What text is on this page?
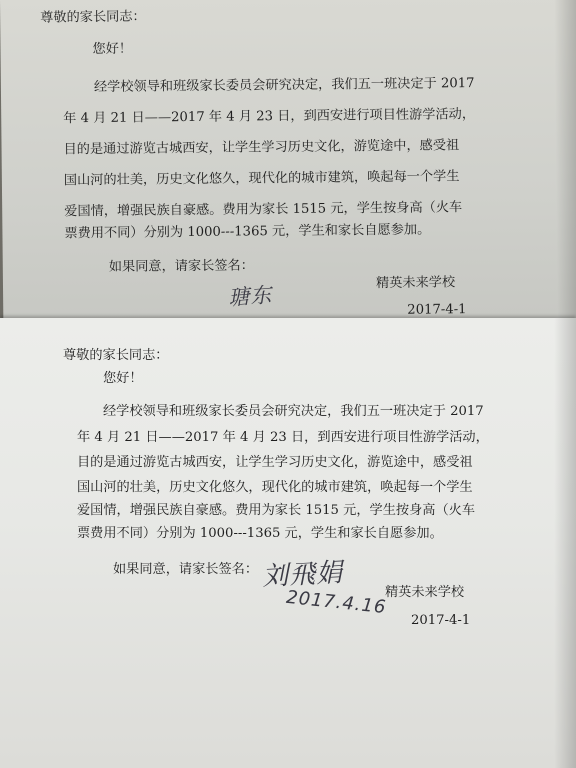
尊敬的家长同志：
您好！
经学校领导和班级家长委员会研究决定，我们五一班决定于 2017
年 4 月 21 日——2017 年 4 月 23 日，到西安进行项目性游学活动，
目的是通过游览古城西安，让学生学习历史文化，游览途中，感受祖
国山河的壮美，历史文化悠久，现代化的城市建筑，唤起每一个学生
爱国情，增强民族自豪感。费用为家长 1515 元，学生按身高（火车
票费用不同）分别为 1000---1365 元，学生和家长自愿参加。
如果同意，请家长签名：
瑭东	精英未来学校
2017-4-1
尊敬的家长同志：
您好！
经学校领导和班级家长委员会研究决定，我们五一班决定于 2017
年 4 月 21 日——2017 年 4 月 23 日，到西安进行项目性游学活动，
目的是通过游览古城西安，让学生学习历史文化，游览途中，感受祖
国山河的壮美，历史文化悠久，现代化的城市建筑，唤起每一个学生
爱国情，增强民族自豪感。费用为家长 1515 元，学生按身高（火车
票费用不同）分别为 1000---1365 元，学生和家长自愿参加。
如果同意，请家长签名： 刘飛娟
2017.4.16
精英未来学校
2017-4-1
